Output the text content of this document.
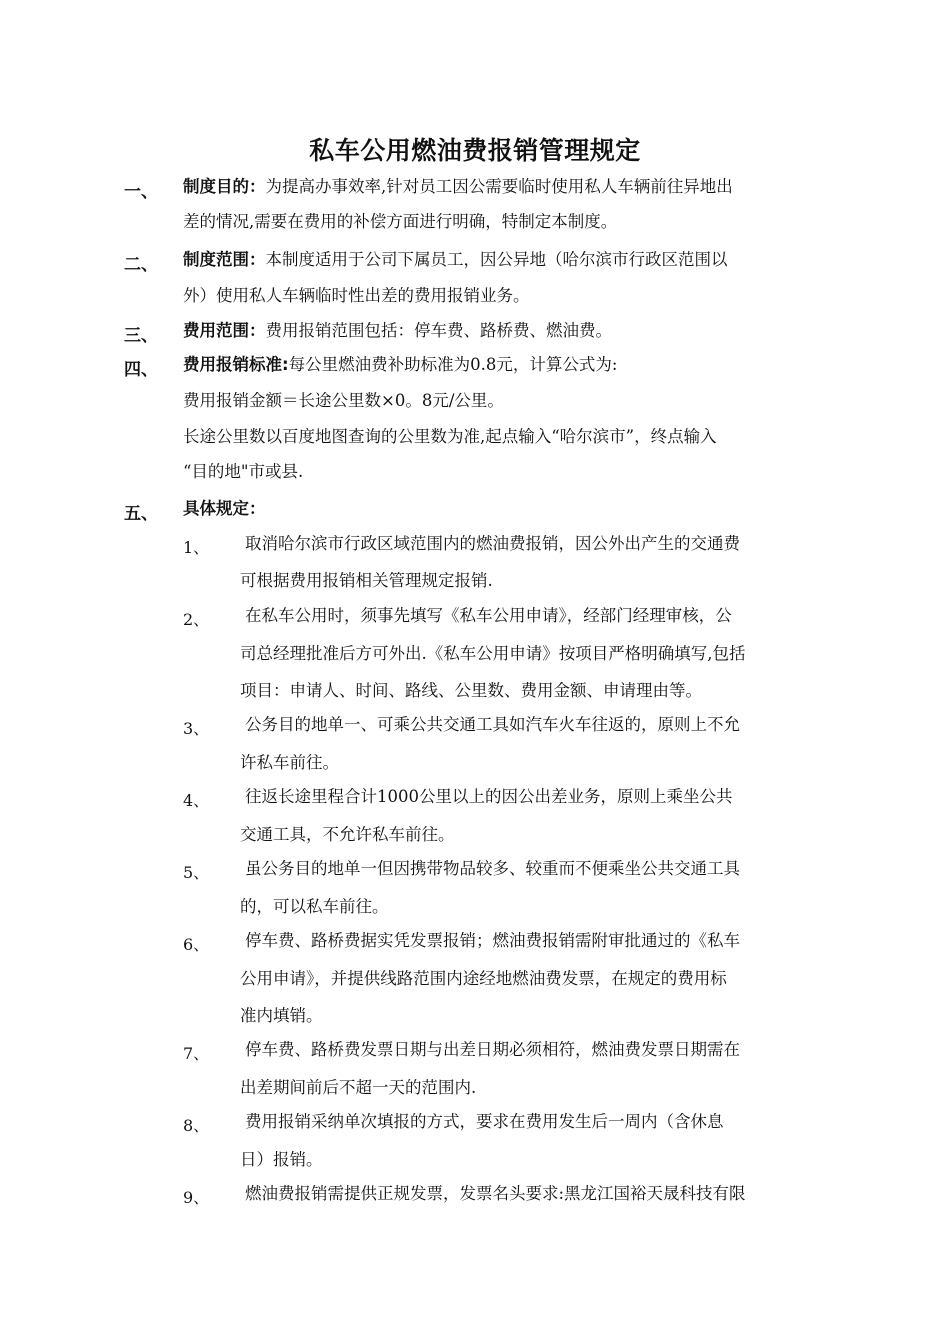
私车公用燃油费报销管理规定
一、 制度目的：为提高办事效率,针对员工因公需要临时使用私人车辆前往异地出
差的情况,需要在费用的补偿方面进行明确，特制定本制度。
二、 制度范围：本制度适用于公司下属员工，因公异地（哈尔滨市行政区范围以
外）使用私人车辆临时性出差的费用报销业务。
三、 费用范围：费用报销范围包括：停车费、路桥费、燃油费。
四、 费用报销标准:每公里燃油费补助标准为0.8元，计算公式为:
费用报销金额＝长途公里数×0。8元/公里。
长途公里数以百度地图查询的公里数为准,起点输入“哈尔滨市”，终点输入
“目的地"市或县.
五、 具体规定：
1、 取消哈尔滨市行政区域范围内的燃油费报销，因公外出产生的交通费
可根据费用报销相关管理规定报销.
2、 在私车公用时，须事先填写《私车公用申请》，经部门经理审核，公
司总经理批准后方可外出.《私车公用申请》按项目严格明确填写,包括
项目：申请人、时间、路线、公里数、费用金额、申请理由等。
3、 公务目的地单一、可乘公共交通工具如汽车火车往返的，原则上不允
许私车前往。
4、 往返长途里程合计1000公里以上的因公出差业务，原则上乘坐公共
交通工具，不允许私车前往。
5、 虽公务目的地单一但因携带物品较多、较重而不便乘坐公共交通工具
的，可以私车前往。
6、 停车费、路桥费据实凭发票报销；燃油费报销需附审批通过的《私车
公用申请》，并提供线路范围内途经地燃油费发票，在规定的费用标
准内填销。
7、 停车费、路桥费发票日期与出差日期必须相符，燃油费发票日期需在
出差期间前后不超一天的范围内.
8、 费用报销采纳单次填报的方式，要求在费用发生后一周内（含休息
日）报销。
9、 燃油费报销需提供正规发票，发票名头要求:黑龙江国裕天晟科技有限
